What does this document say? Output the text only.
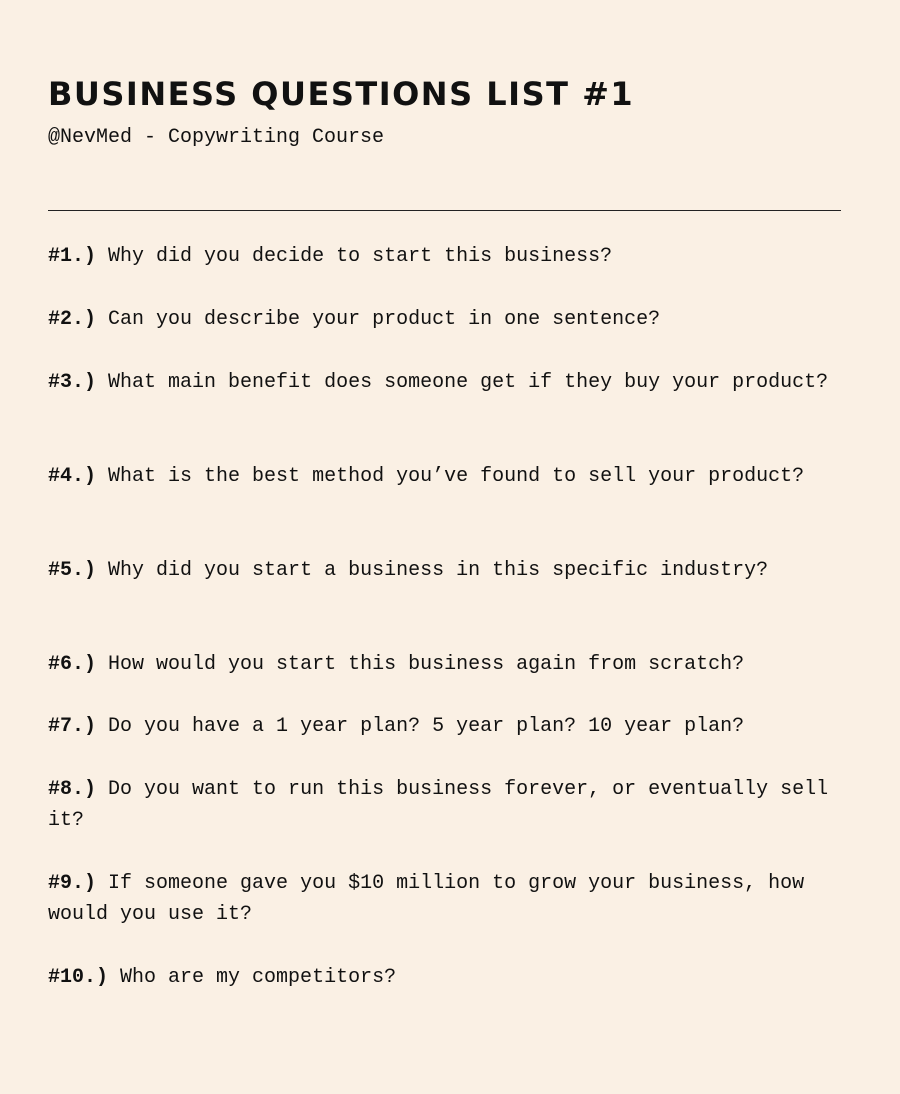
BUSINESS QUESTIONS LIST #1
@NevMed - Copywriting Course

#1.) Why did you decide to start this business?

#2.) Can you describe your product in one sentence?

#3.) What main benefit does someone get if they buy your product?

#4.) What is the best method you’ve found to sell your product?

#5.) Why did you start a business in this specific industry?

#6.) How would you start this business again from scratch?

#7.) Do you have a 1 year plan? 5 year plan? 10 year plan?

#8.) Do you want to run this business forever, or eventually sell it?

#9.) If someone gave you $10 million to grow your business, how would you use it?

#10.) Who are my competitors?
